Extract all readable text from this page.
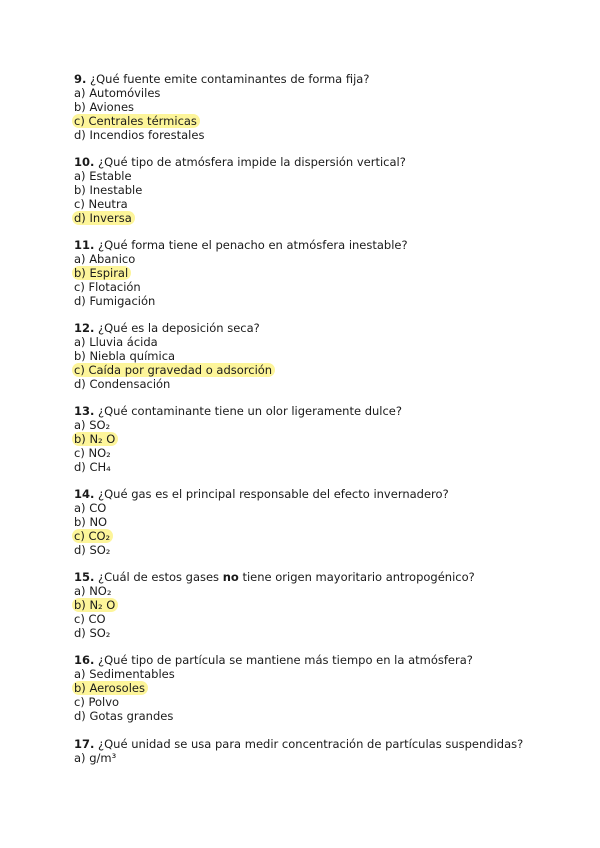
9. ¿Qué fuente emite contaminantes de forma fija?
a) Automóviles
b) Aviones
c) Centrales térmicas
d) Incendios forestales
10. ¿Qué tipo de atmósfera impide la dispersión vertical?
a) Estable
b) Inestable
c) Neutra
d) Inversa
11. ¿Qué forma tiene el penacho en atmósfera inestable?
a) Abanico
b) Espiral
c) Flotación
d) Fumigación
12. ¿Qué es la deposición seca?
a) Lluvia ácida
b) Niebla química
c) Caída por gravedad o adsorción
d) Condensación
13. ¿Qué contaminante tiene un olor ligeramente dulce?
a) SO₂
b) N₂ O
c) NO₂
d) CH₄
14. ¿Qué gas es el principal responsable del efecto invernadero?
a) CO
b) NO
c) CO₂
d) SO₂
15. ¿Cuál de estos gases no tiene origen mayoritario antropogénico?
a) NO₂
b) N₂ O
c) CO
d) SO₂
16. ¿Qué tipo de partícula se mantiene más tiempo en la atmósfera?
a) Sedimentables
b) Aerosoles
c) Polvo
d) Gotas grandes
17. ¿Qué unidad se usa para medir concentración de partículas suspendidas?
a) g/m³
